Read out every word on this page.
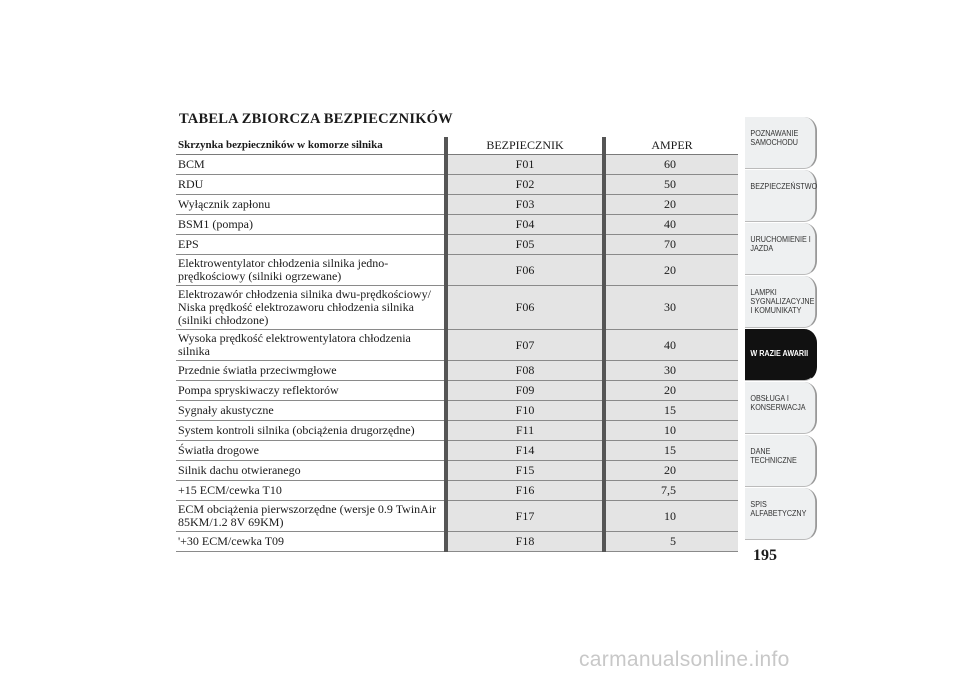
TABELA ZBIORCZA BEZPIECZNIKÓW
Skrzynka bezpieczników w komorze silnika	BEZPIECZNIK	AMPER
BCM	F01	60
RDU	F02	50
Wyłącznik zapłonu	F03	20
BSM1 (pompa)	F04	40
EPS	F05	70
Elektrowentylator chłodzenia silnika jedno-prędkościowy (silniki ogrzewane)	F06	20
Elektrozawór chłodzenia silnika dwu-prędkościowy/ Niska prędkość elektrozaworu chłodzenia silnika (silniki chłodzone)	F06	30
Wysoka prędkość elektrowentylatora chłodzenia silnika	F07	40
Przednie światła przeciwmgłowe	F08	30
Pompa spryskiwaczy reflektorów	F09	20
Sygnały akustyczne	F10	15
System kontroli silnika (obciążenia drugorzędne)	F11	10
Światła drogowe	F14	15
Silnik dachu otwieranego	F15	20
+15 ECM/cewka T10	F16	7,5
ECM obciążenia pierwszorzędne (wersje 0.9 TwinAir 85KM/1.2 8V 69KM)	F17	10
'+30 ECM/cewka T09	F18	5
POZNAWANIE SAMOCHODU
BEZPIECZEŃSTWO
URUCHOMIENIE I JAZDA
LAMPKI SYGNALIZACYJNE I KOMUNIKATY
W RAZIE AWARII
OBSŁUGA I KONSERWACJA
DANE TECHNICZNE
SPIS ALFABETYCZNY
195
carmanualsonline.info
